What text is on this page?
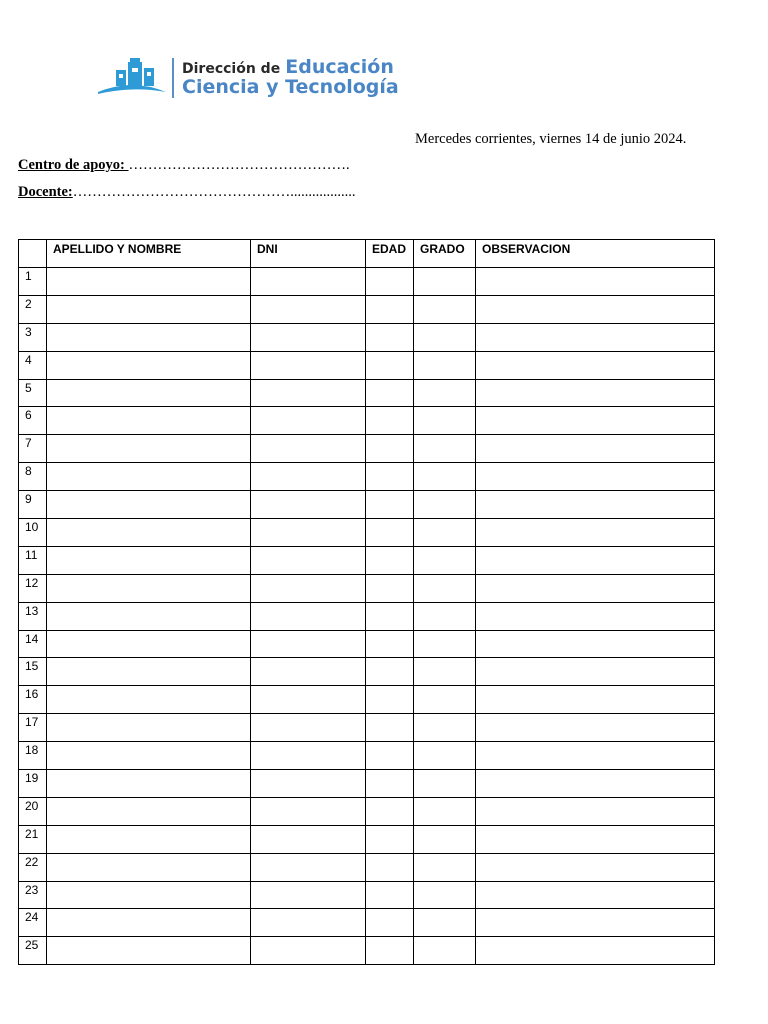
Dirección de Educación
Ciencia y Tecnología
Mercedes corrientes, viernes 14 de junio 2024.
Centro de apoyo: ……………………………………….
Docente:………………………………………..................

	APELLIDO Y NOMBRE	DNI	EDAD	GRADO	OBSERVACION

1					

2					

3					

4					

5					

6					

7					

8					

9					

10					

11					

12					

13					

14					

15					

16					

17					

18					

19					

20					

21					

22					

23					

24					

25					
